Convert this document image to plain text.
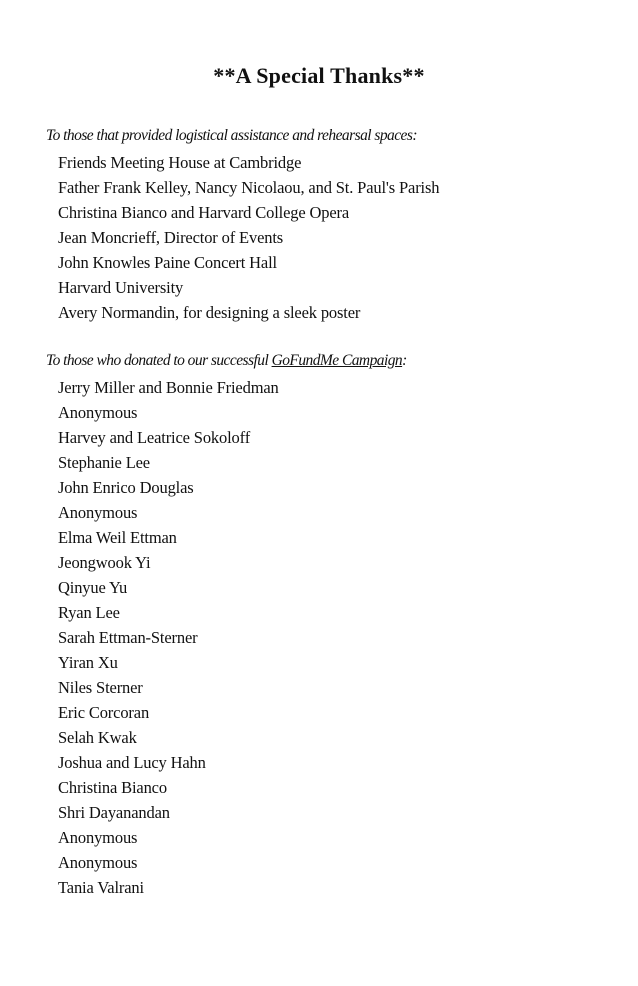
**A Special Thanks**
To those that provided logistical assistance and rehearsal spaces:
Friends Meeting House at Cambridge
Father Frank Kelley, Nancy Nicolaou, and St. Paul's Parish
Christina Bianco and Harvard College Opera
Jean Moncrieff, Director of Events
John Knowles Paine Concert Hall
Harvard University
Avery Normandin, for designing a sleek poster
To those who donated to our successful GoFundMe Campaign:
Jerry Miller and Bonnie Friedman
Anonymous
Harvey and Leatrice Sokoloff
Stephanie Lee
John Enrico Douglas
Anonymous
Elma Weil Ettman
Jeongwook Yi
Qinyue Yu
Ryan Lee
Sarah Ettman-Sterner
Yiran Xu
Niles Sterner
Eric Corcoran
Selah Kwak
Joshua and Lucy Hahn
Christina Bianco
Shri Dayanandan
Anonymous
Anonymous
Tania Valrani
